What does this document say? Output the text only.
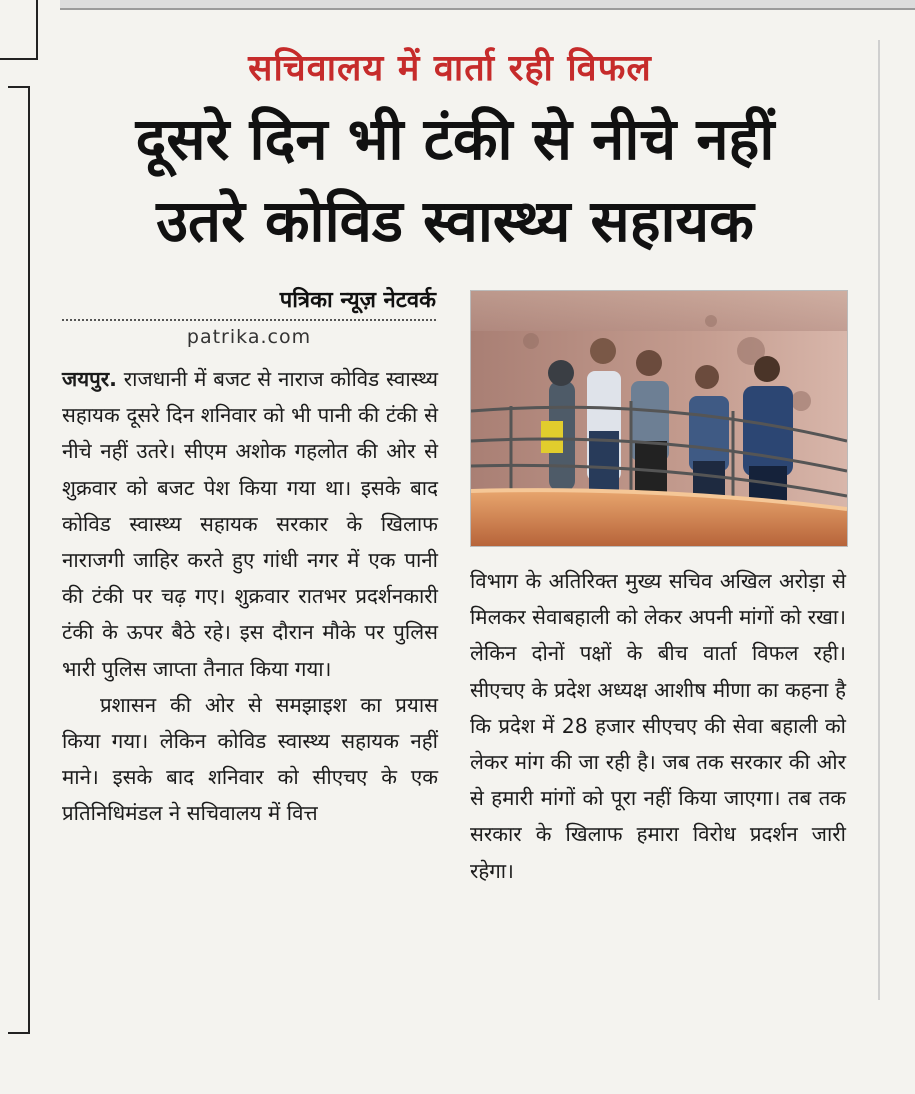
सचिवालय में वार्ता रही विफल
दूसरे दिन भी टंकी से नीचे नहीं
उतरे कोविड स्वास्थ्य सहायक
पत्रिका न्यूज़ नेटवर्क
patrika.com

जयपुर. राजधानी में बजट से नाराज कोविड स्वास्थ्य सहायक दूसरे दिन शनिवार को भी पानी की टंकी से नीचे नहीं उतरे। सीएम अशोक गहलोत की ओर से शुक्रवार को बजट पेश किया गया था। इसके बाद कोविड स्वास्थ्य सहायक सरकार के खिलाफ नाराजगी जाहिर करते हुए गांधी नगर में एक पानी की टंकी पर चढ़ गए। शुक्रवार रातभर प्रदर्शनकारी टंकी के ऊपर बैठे रहे। इस दौरान मौके पर पुलिस भारी पुलिस जाप्ता तैनात किया गया।

प्रशासन की ओर से समझाइश का प्रयास किया गया। लेकिन कोविड स्वास्थ्य सहायक नहीं माने। इसके बाद शनिवार को सीएचए के एक प्रतिनिधिमंडल ने सचिवालय में वित्त

विभाग के अतिरिक्त मुख्य सचिव अखिल अरोड़ा से मिलकर सेवाबहाली को लेकर अपनी मांगों को रखा। लेकिन दोनों पक्षों के बीच वार्ता विफल रही। सीएचए के प्रदेश अध्यक्ष आशीष मीणा का कहना है कि प्रदेश में 28 हजार सीएचए की सेवा बहाली को लेकर मांग की जा रही है। जब तक सरकार की ओर से हमारी मांगों को पूरा नहीं किया जाएगा। तब तक सरकार के खिलाफ हमारा विरोध प्रदर्शन जारी रहेगा।
